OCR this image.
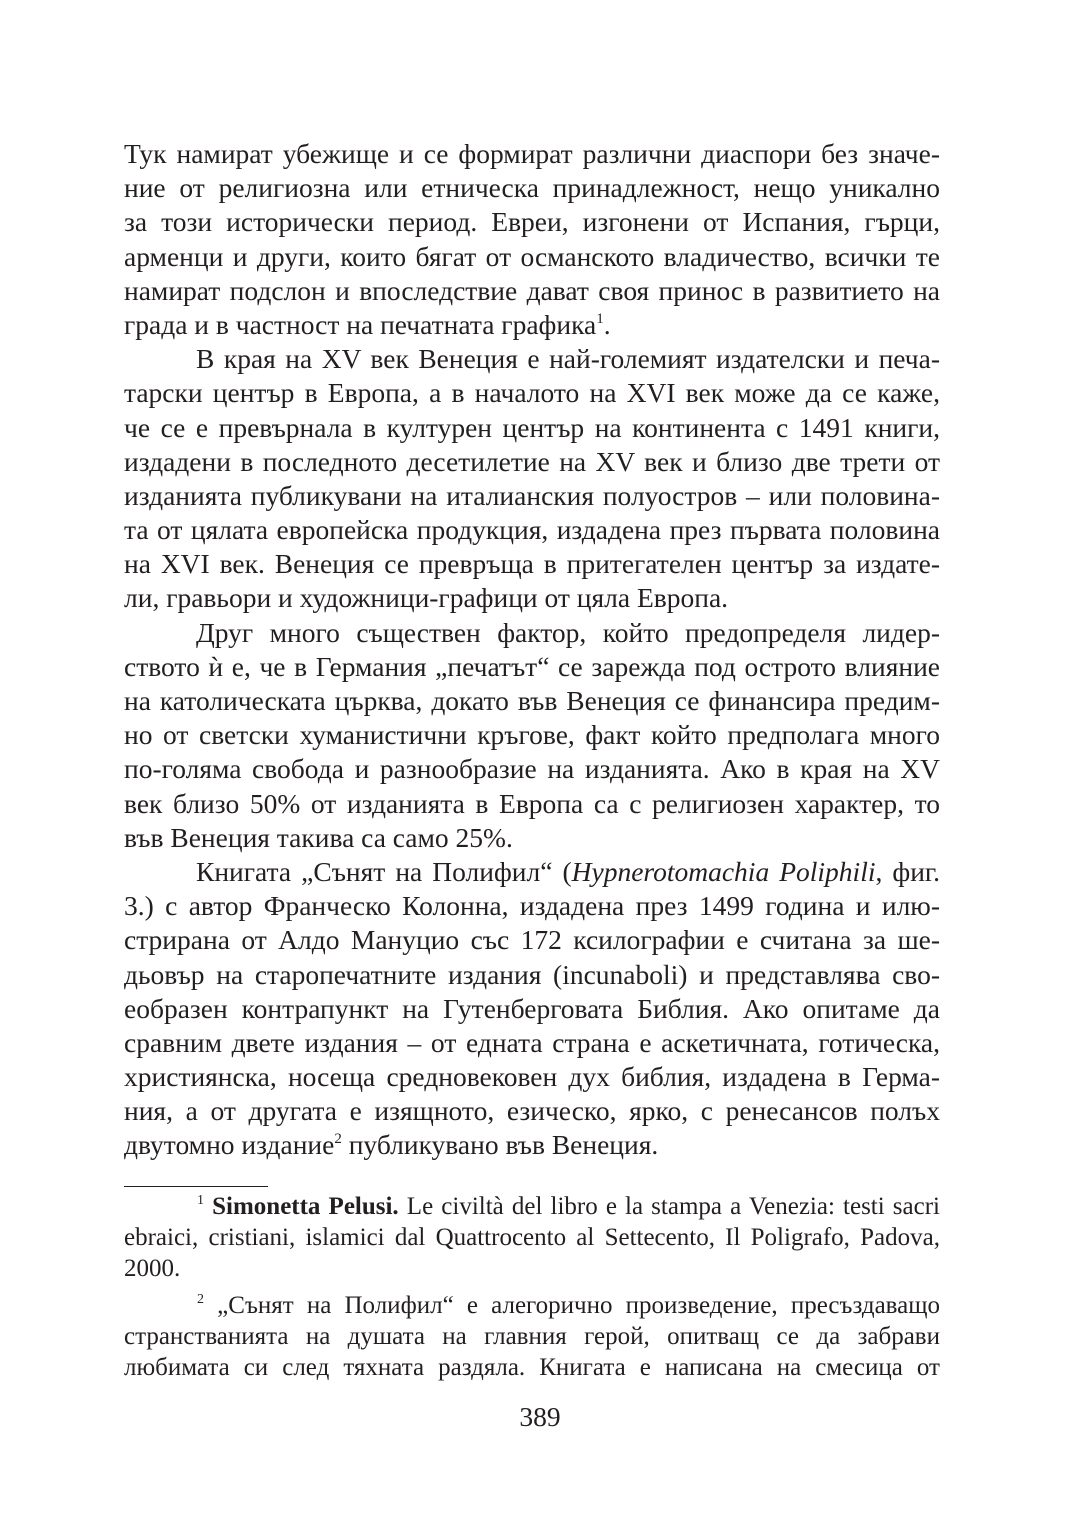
Тук намират убежище и се формират различни диаспори без значе-
ние от религиозна или етническа принадлежност, нещо уникално
за този исторически период. Евреи, изгонени от Испания, гърци,
арменци и други, които бягат от османското владичество, всички те
намират подслон и впоследствие дават своя принос в развитието на
града и в частност на печатната графика$^1$.
В края на XV век Венеция е най-големият издателски и печа-
тарски център в Европа, а в началото на XVI век може да се каже,
че се е превърнала в културен център на континента с 1491 книги,
издадени в последното десетилетие на XV век и близо две трети от
изданията публикувани на италианския полуостров – или половина-
та от цялата европейска продукция, издадена през първата половина
на XVI век. Венеция се превръща в притегателен център за издате-
ли, гравьори и художници-графици от цяла Европа.
Друг много съществен фактор, който предопределя лидер-
ството ѝ е, че в Германия „печатът“ се зарежда под острото влияние
на католическата църква, докато във Венеция се финансира предим-
но от светски хуманистични кръгове, факт който предполага много
по-голяма свобода и разнообразие на изданията. Ако в края на XV
век близо 50% от изданията в Европа са с религиозен характер, то
във Венеция такива са само 25%.
Книгата „Сънят на Полифил“ (Hypnerotomachia Poliphili, фиг.
3.) с автор Франческо Колонна, издадена през 1499 година и илю-
стрирана от Алдо Мануцио със 172 ксилографии е считана за ше-
дьовър на старопечатните издания (incunaboli) и представлява сво-
еобразен контрапункт на Гутенберговата Библия. Ако опитаме да
сравним двете издания – от едната страна е аскетичната, готическа,
християнска, носеща средновековен дух библия, издадена в Герма-
ния, а от другата е изящното, езическо, ярко, с ренесансов полъх
двутомно издание$^2$ публикувано във Венеция.
$^1$ Simonetta Pelusi. Le civiltà del libro e la stampa a Venezia: testi sacri
ebraici, cristiani, islamici dal Quattrocento al Settecento, Il Poligrafo, Padova,
2000.
$^2$ „Сънят на Полифил“ е алегорично произведение, пресъздаващо
странстванията на душата на главния герой, опитващ се да забрави
любимата си след тяхната раздяла. Книгата е написана на смесица от
389
